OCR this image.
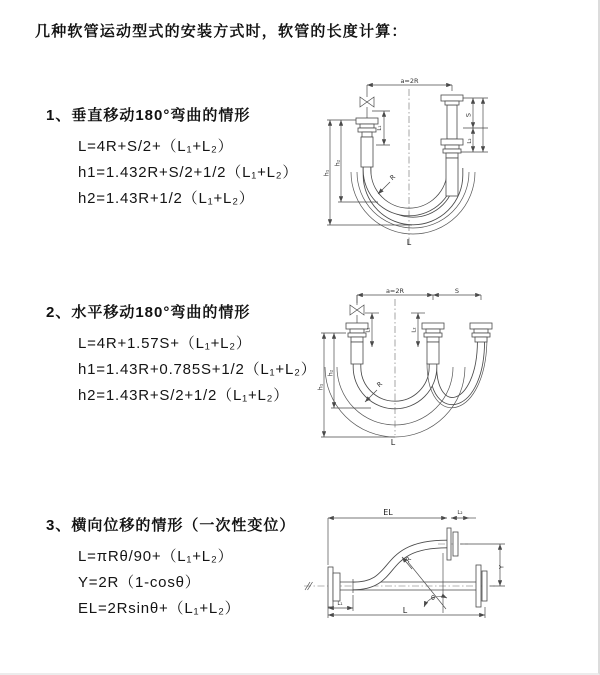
几种软管运动型式的安装方式时，软管的长度计算：
1、垂直移动180°弯曲的情形
L=4R+S/2+（L₁+L₂）
h1=1.432R+S/2+1/2（L₁+L₂）
h2=1.43R+1/2（L₁+L₂）
2、水平移动180°弯曲的情形
L=4R+1.57S+（L₁+L₂）
h1=1.43R+0.785S+1/2（L₁+L₂）
h2=1.43R+S/2+1/2（L₁+L₂）
3、横向位移的情形（一次性变位）
L=πRθ/90+（L₁+L₂）
Y=2R（1-cosθ）
EL=2Rsinθ+（L₁+L₂）
a=2R
L₁
h₁
h₂
S
L₂
R
L
a=2R	S
L₁	L₂
h₁
h₂
R
L
EL	L₂
Y
R
θ
L
L₁
